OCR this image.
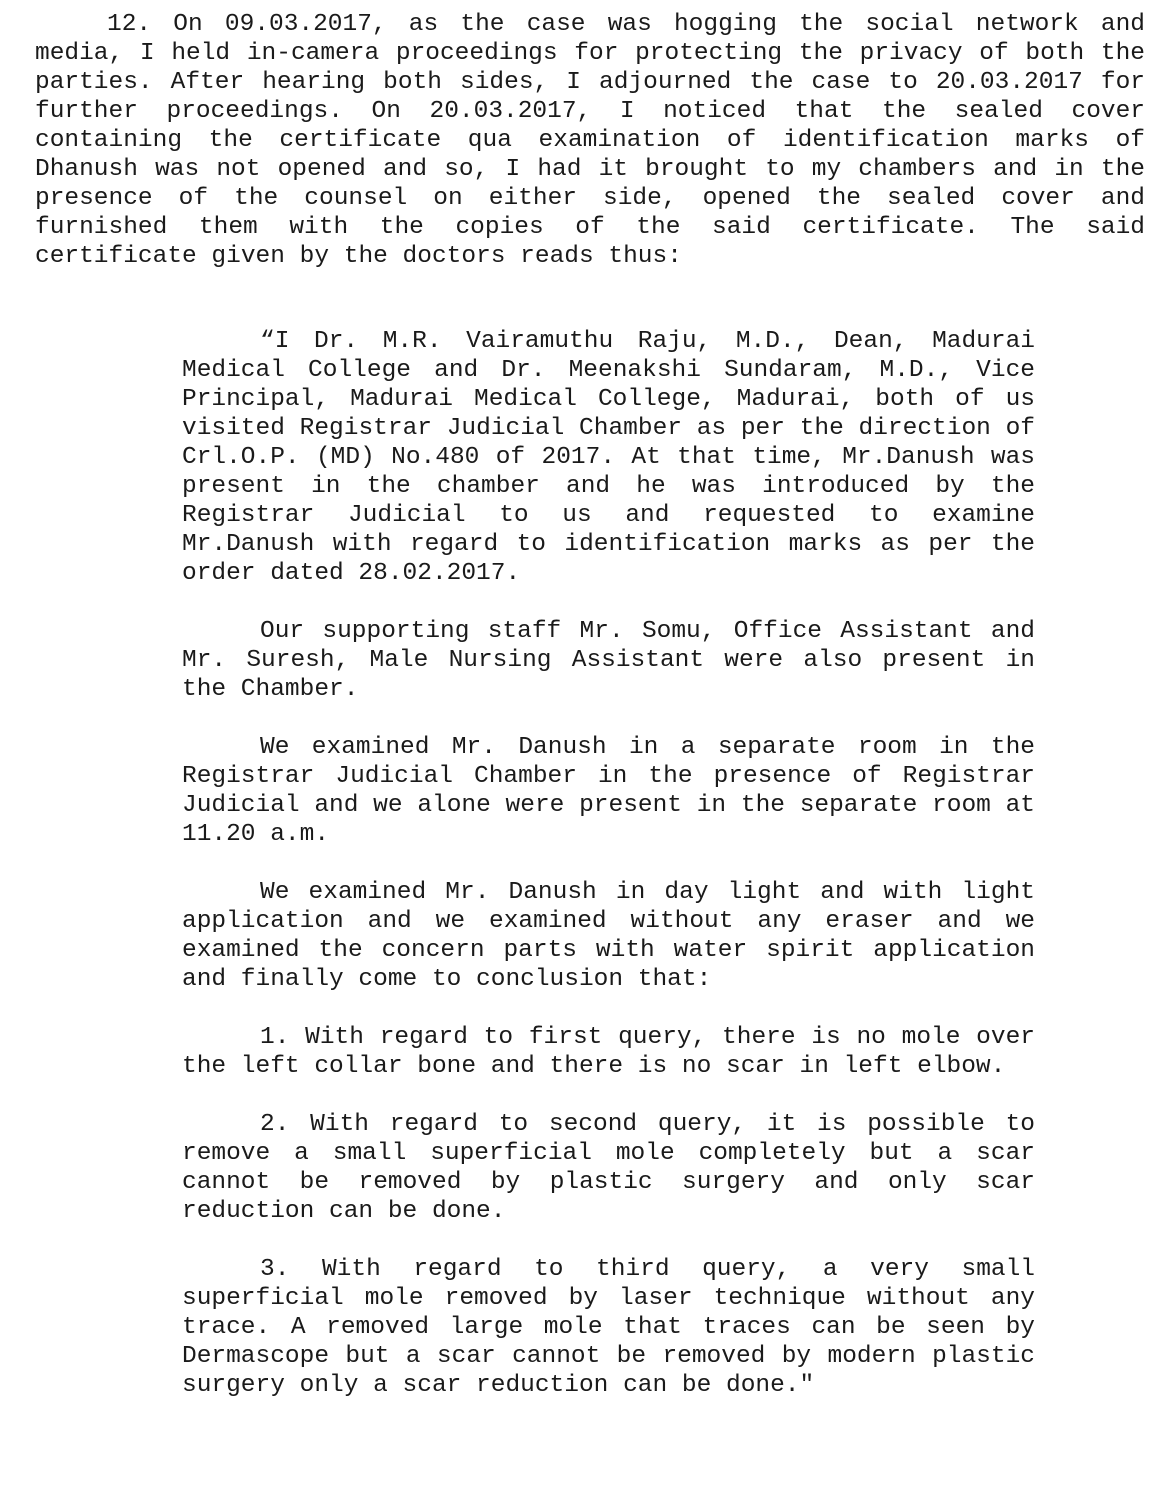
12. On 09.03.2017, as the case was hogging the social network and media, I held in-camera proceedings for protecting the privacy of both the parties. After hearing both sides, I adjourned the case to 20.03.2017 for further proceedings. On 20.03.2017, I noticed that the sealed cover containing the certificate qua examination of identification marks of Dhanush was not opened and so, I had it brought to my chambers and in the presence of the counsel on either side, opened the sealed cover and furnished them with the copies of the said certificate. The said certificate given by the doctors reads thus:

“I Dr. M.R. Vairamuthu Raju, M.D., Dean, Madurai Medical College and Dr. Meenakshi Sundaram, M.D., Vice Principal, Madurai Medical College, Madurai, both of us visited Registrar Judicial Chamber as per the direction of Crl.O.P. (MD) No.480 of 2017. At that time, Mr.Danush was present in the chamber and he was introduced by the Registrar Judicial to us and requested to examine Mr.Danush with regard to identification marks as per the order dated 28.02.2017.

Our supporting staff Mr. Somu, Office Assistant and Mr. Suresh, Male Nursing Assistant were also present in the Chamber.

We examined Mr. Danush in a separate room in the Registrar Judicial Chamber in the presence of Registrar Judicial and we alone were present in the separate room at 11.20 a.m.

We examined Mr. Danush in day light and with light application and we examined without any eraser and we examined the concern parts with water spirit application and finally come to conclusion that:

1. With regard to first query, there is no mole over the left collar bone and there is no scar in left elbow.

2. With regard to second query, it is possible to remove a small superficial mole completely but a scar cannot be removed by plastic surgery and only scar reduction can be done.

3. With regard to third query, a very small superficial mole removed by laser technique without any trace. A removed large mole that traces can be seen by Dermascope but a scar cannot be removed by modern plastic surgery only a scar reduction can be done."
